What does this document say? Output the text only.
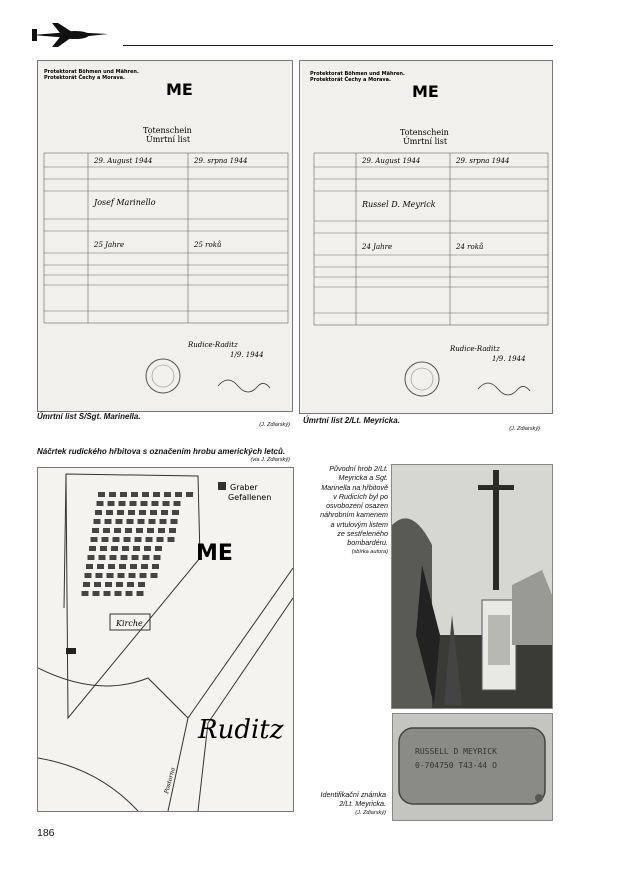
Protektorat Böhmen und Mähren.
Protektorát Čechy a Morava.
ME
Totenschein
Úmrtní list
29. August 1944	29. srpna 1944
Josef Marinello
25 Jahre	25 roků
Rudice-Raditz
1/9. 1944
Protektorat Böhmen und Mähren.
Protektorát Čechy a Morava.
ME
Totenschein
Úmrtní list
29. August 1944	29. srpna 1944
Russel D. Meyrick
24 Jahre	24 roků
Rudice-Raditz
1/9. 1944
Úmrtní list S/Sgt. Marinella.
(J. Zdiarský) Úmrtní list 2/Lt. Meyricka.
(J. Zdiarský)
Náčrtek rudického hřbitova s označením hrobu amerických letců.
(via J. Zdiarský)
Kirche
Graber
Gefallenen
ME
Ruditz
Postorna
Původní hrob 2/Lt.
Meyricka a Sgt.
Marinella na hřbitově
v Rudicích byl po
osvobození osazen
náhrobním kamenem
a vrtulovým listem
ze sestřeleného
bombardéru.
(sbírka autora)
RUSSELL D MEYRICK
0-704750 T43-44 O
Identifikační známka
2/Lt. Meyricka.
(J. Zdiarský)
186
